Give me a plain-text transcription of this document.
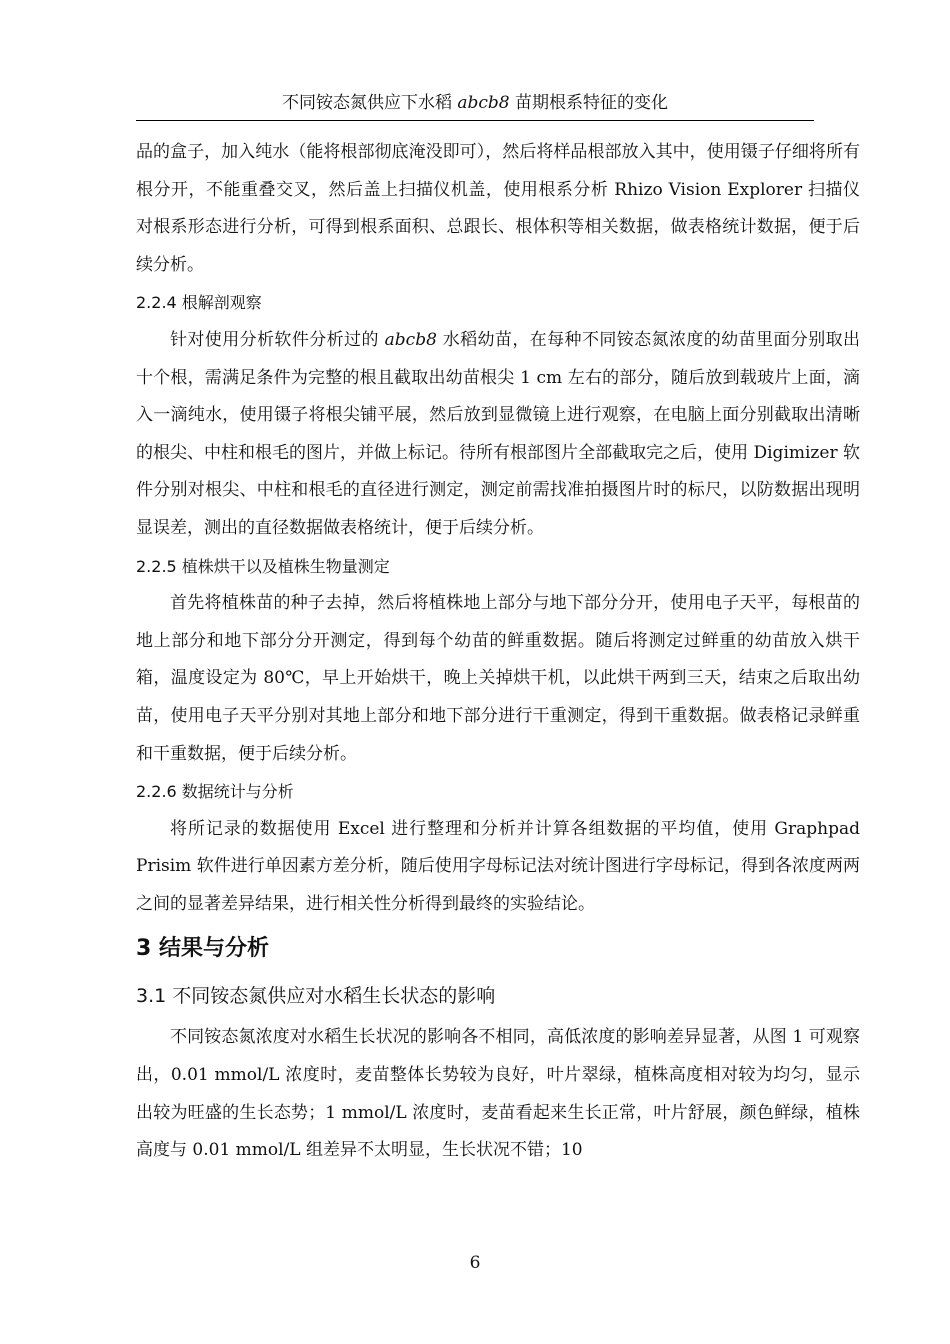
不同铵态氮供应下水稻 abcb8 苗期根系特征的变化

品的盒子，加入纯水（能将根部彻底淹没即可），然后将样品根部放入其中，使用镊子仔细将所有根分开，不能重叠交叉，然后盖上扫描仪机盖，使用根系分析 Rhizo Vision Explorer 扫描仪对根系形态进行分析，可得到根系面积、总跟长、根体积等相关数据，做表格统计数据，便于后续分析。

2.2.4 根解剖观察

针对使用分析软件分析过的 abcb8 水稻幼苗，在每种不同铵态氮浓度的幼苗里面分别取出十个根，需满足条件为完整的根且截取出幼苗根尖 1 cm 左右的部分，随后放到载玻片上面，滴入一滴纯水，使用镊子将根尖铺平展，然后放到显微镜上进行观察，在电脑上面分别截取出清晰的根尖、中柱和根毛的图片，并做上标记。待所有根部图片全部截取完之后，使用 Digimizer 软件分别对根尖、中柱和根毛的直径进行测定，测定前需找准拍摄图片时的标尺，以防数据出现明显误差，测出的直径数据做表格统计，便于后续分析。

2.2.5 植株烘干以及植株生物量测定

首先将植株苗的种子去掉，然后将植株地上部分与地下部分分开，使用电子天平，每根苗的地上部分和地下部分分开测定，得到每个幼苗的鲜重数据。随后将测定过鲜重的幼苗放入烘干箱，温度设定为 80℃，早上开始烘干，晚上关掉烘干机，以此烘干两到三天，结束之后取出幼苗，使用电子天平分别对其地上部分和地下部分进行干重测定，得到干重数据。做表格记录鲜重和干重数据，便于后续分析。

2.2.6 数据统计与分析

将所记录的数据使用 Excel 进行整理和分析并计算各组数据的平均值，使用 Graphpad Prisim 软件进行单因素方差分析，随后使用字母标记法对统计图进行字母标记，得到各浓度两两之间的显著差异结果，进行相关性分析得到最终的实验结论。

3 结果与分析
3.1 不同铵态氮供应对水稻生长状态的影响

不同铵态氮浓度对水稻生长状况的影响各不相同，高低浓度的影响差异显著，从图 1 可观察出，0.01 mmol/L 浓度时，麦苗整体长势较为良好，叶片翠绿，植株高度相对较为均匀，显示出较为旺盛的生长态势；1 mmol/L 浓度时，麦苗看起来生长正常，叶片舒展，颜色鲜绿，植株高度与 0.01 mmol/L 组差异不太明显，生长状况不错；10

6
